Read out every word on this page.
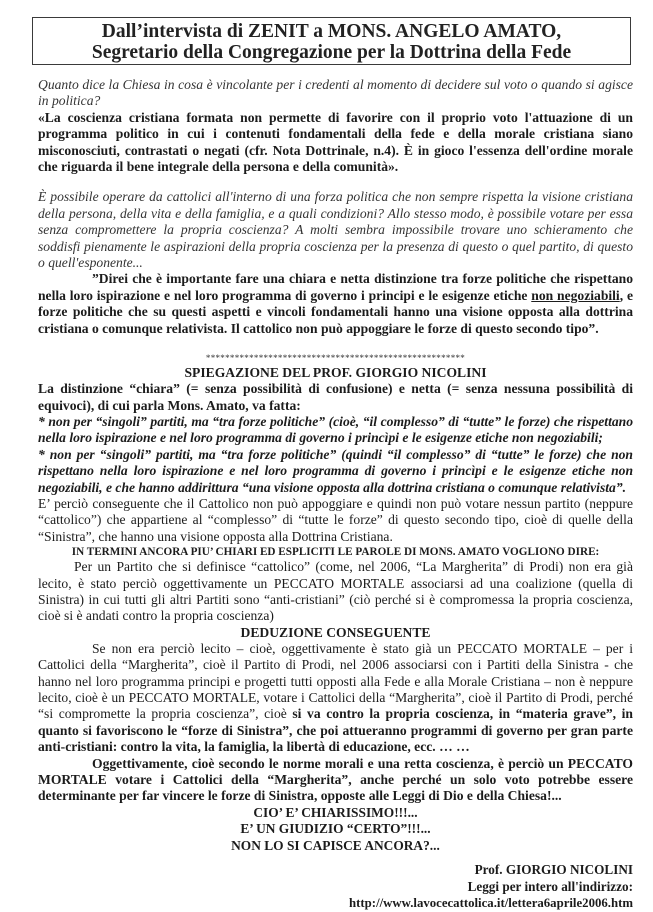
Dall’intervista di ZENIT a MONS. ANGELO AMATO,
Segretario della Congregazione per la Dottrina della Fede

Quanto dice la Chiesa in cosa è vincolante per i credenti al momento di decidere sul voto o quando si agisce in politica?

«La coscienza cristiana formata non permette di favorire con il proprio voto l'attuazione di un programma politico in cui i contenuti fondamentali della fede e della morale cristiana siano misconosciuti, contrastati o negati (cfr. Nota Dottrinale, n.4). È in gioco l'essenza dell'ordine morale che riguarda il bene integrale della persona e della comunità».

È possibile operare da cattolici all'interno di una forza politica che non sempre rispetta la visione cristiana della persona, della vita e della famiglia, e a quali condizioni? Allo stesso modo, è possibile votare per essa senza compromettere la propria coscienza? A molti sembra impossibile trovare uno schieramento che soddisfi pienamente le aspirazioni della propria coscienza per la presenza di questo o quel partito, di questo o quell'esponente...

”Direi che è importante fare una chiara e netta distinzione tra forze politiche che rispettano nella loro ispirazione e nel loro programma di governo i principi e le esigenze etiche non negoziabili, e forze politiche che su questi aspetti e vincoli fondamentali hanno una visione opposta alla dottrina cristiana o comunque relativista. Il cattolico non può appoggiare le forze di questo secondo tipo”.

******************************************************
SPIEGAZIONE DEL PROF. GIORGIO NICOLINI

La distinzione “chiara” (= senza possibilità di confusione) e netta (= senza nessuna possibilità di equivoci), di cui parla Mons. Amato, va fatta:

* non per “singoli” partiti, ma “tra forze politiche” (cioè, “il complesso” di “tutte” le forze) che rispettano nella loro ispirazione e nel loro programma di governo i princìpi e le esigenze etiche non negoziabili;

* non per “singoli” partiti, ma “tra forze politiche” (quindi “il complesso” di “tutte” le forze) che non rispettano nella loro ispirazione e nel loro programma di governo i princìpi e le esigenze etiche non negoziabili, e che hanno addirittura “una visione opposta alla dottrina cristiana o comunque relativista”.

E’ perciò conseguente che il Cattolico non può appoggiare e quindi non può votare nessun partito (neppure “cattolico”) che appartiene al “complesso” di “tutte le forze” di questo secondo tipo, cioè di quelle della “Sinistra”, che hanno una visione opposta alla Dottrina Cristiana.

IN TERMINI ANCORA PIU’ CHIARI ED ESPLICITI LE PAROLE DI MONS. AMATO VOGLIONO DIRE:

Per un Partito che si definisce “cattolico” (come, nel 2006, “La Margherita” di Prodi) non era già lecito, è stato perciò oggettivamente un PECCATO MORTALE associarsi ad una coalizione (quella di Sinistra) in cui tutti gli altri Partiti sono “anti-cristiani” (ciò perché si è compromessa la propria coscienza, cioè si è andati contro la propria coscienza)

DEDUZIONE CONSEGUENTE

Se non era perciò lecito – cioè, oggettivamente è stato già un PECCATO MORTALE – per i Cattolici della “Margherita”, cioè il Partito di Prodi, nel 2006 associarsi con i Partiti della Sinistra - che hanno nel loro programma principi e progetti tutti opposti alla Fede e alla Morale Cristiana – non è neppure lecito, cioè è un PECCATO MORTALE, votare i Cattolici della “Margherita”, cioè il Partito di Prodi, perché “si compromette la propria coscienza”, cioè si va contro la propria coscienza, in “materia grave”, in quanto si favoriscono le “forze di Sinistra”, che poi attueranno programmi di governo per gran parte anti-cristiani: contro la vita, la famiglia, la libertà di educazione, ecc. … …

Oggettivamente, cioè secondo le norme morali e una retta coscienza, è perciò un PECCATO MORTALE votare i Cattolici della “Margherita”, anche perché un solo voto potrebbe essere determinante per far vincere le forze di Sinistra, opposte alle Leggi di Dio e della Chiesa!...

CIO’ E’ CHIARISSIMO!!!...
E’ UN GIUDIZIO “CERTO”!!!...
NON LO SI CAPISCE ANCORA?...
Prof. GIORGIO NICOLINI
Leggi per intero all'indirizzo:
http://www.lavocecattolica.it/lettera6aprile2006.htm
